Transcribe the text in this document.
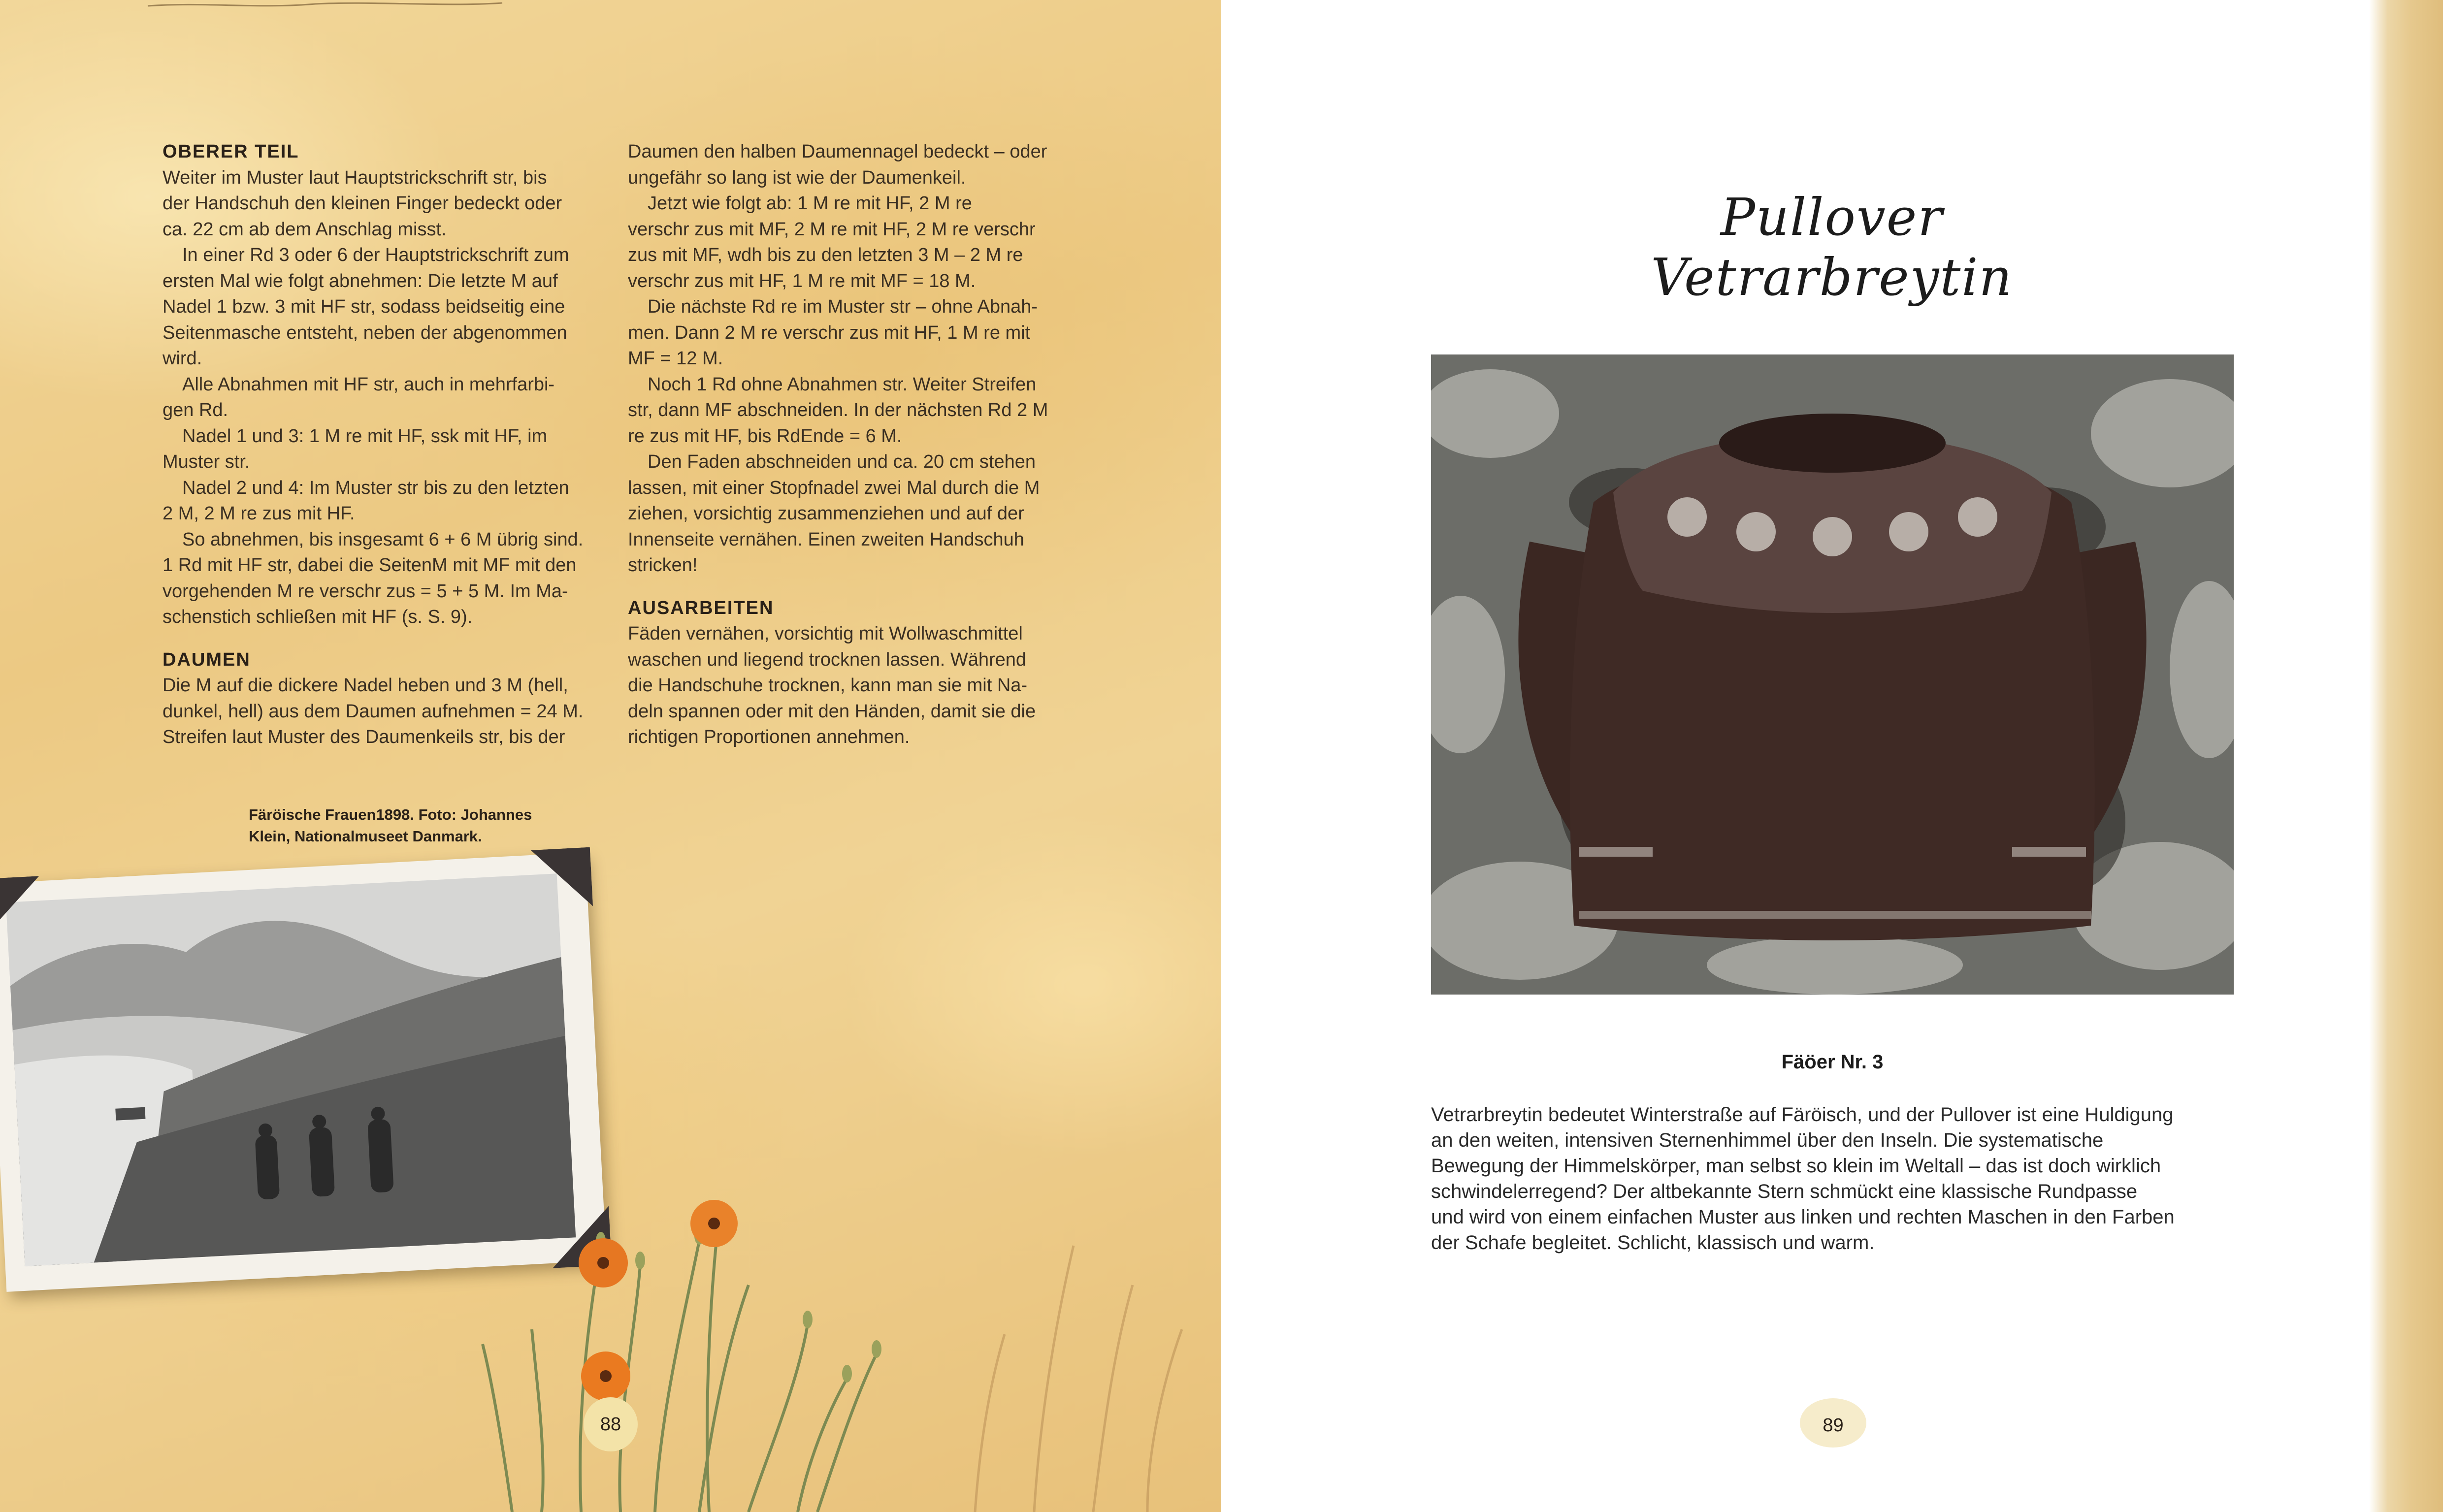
OBERER TEIL

Weiter im Muster laut Hauptstrickschrift str, bis

der Handschuh den kleinen Finger bedeckt oder

ca. 22 cm ab dem Anschlag misst.

In einer Rd 3 oder 6 der Hauptstrickschrift zum

ersten Mal wie folgt abnehmen: Die letzte M auf

Nadel 1 bzw. 3 mit HF str, sodass beidseitig eine

Seitenmasche entsteht, neben der abgenommen

wird.

Alle Abnahmen mit HF str, auch in mehrfarbi-

gen Rd.

Nadel 1 und 3: 1 M re mit HF, ssk mit HF, im

Muster str.

Nadel 2 und 4: Im Muster str bis zu den letzten

2 M, 2 M re zus mit HF.

So abnehmen, bis insgesamt 6 + 6 M übrig sind.

1 Rd mit HF str, dabei die SeitenM mit MF mit den

vorgehenden M re verschr zus = 5 + 5 M. Im Ma-

schenstich schließen mit HF (s. S. 9).

DAUMEN

Die M auf die dickere Nadel heben und 3 M (hell,

dunkel, hell) aus dem Daumen aufnehmen = 24 M.

Streifen laut Muster des Daumenkeils str, bis der

Daumen den halben Daumennagel bedeckt – oder

ungefähr so lang ist wie der Daumenkeil.

Jetzt wie folgt ab: 1 M re mit HF, 2 M re

verschr zus mit MF, 2 M re mit HF, 2 M re verschr

zus mit MF, wdh bis zu den letzten 3 M – 2 M re

verschr zus mit HF, 1 M re mit MF = 18 M.

Die nächste Rd re im Muster str – ohne Abnah-

men. Dann 2 M re verschr zus mit HF, 1 M re mit

MF = 12 M.

Noch 1 Rd ohne Abnahmen str. Weiter Streifen

str, dann MF abschneiden. In der nächsten Rd 2 M

re zus mit HF, bis RdEnde = 6 M.

Den Faden abschneiden und ca. 20 cm stehen

lassen, mit einer Stopfnadel zwei Mal durch die M

ziehen, vorsichtig zusammenziehen und auf der

Innenseite vernähen. Einen zweiten Handschuh

stricken!

AUSARBEITEN

Fäden vernähen, vorsichtig mit Wollwaschmittel

waschen und liegend trocknen lassen. Während

die Handschuhe trocknen, kann man sie mit Na-

deln spannen oder mit den Händen, damit sie die

richtigen Proportionen annehmen.

Färöische Frauen1898. Foto: Johannes
Klein, Nationalmuseet Danmark.
88
Pullover Vetrarbreytin
Fäöer Nr. 3

Vetrarbreytin bedeutet Winterstraße auf Färöisch, und der Pullover ist eine Huldigung
an den weiten, intensiven Sternenhimmel über den Inseln. Die systematische
Bewegung der Himmelskörper, man selbst so klein im Weltall – das ist doch wirklich
schwindelerregend? Der altbekannte Stern schmückt eine klassische Rundpasse
und wird von einem einfachen Muster aus linken und rechten Maschen in den Farben
der Schafe begleitet. Schlicht, klassisch und warm.

89
